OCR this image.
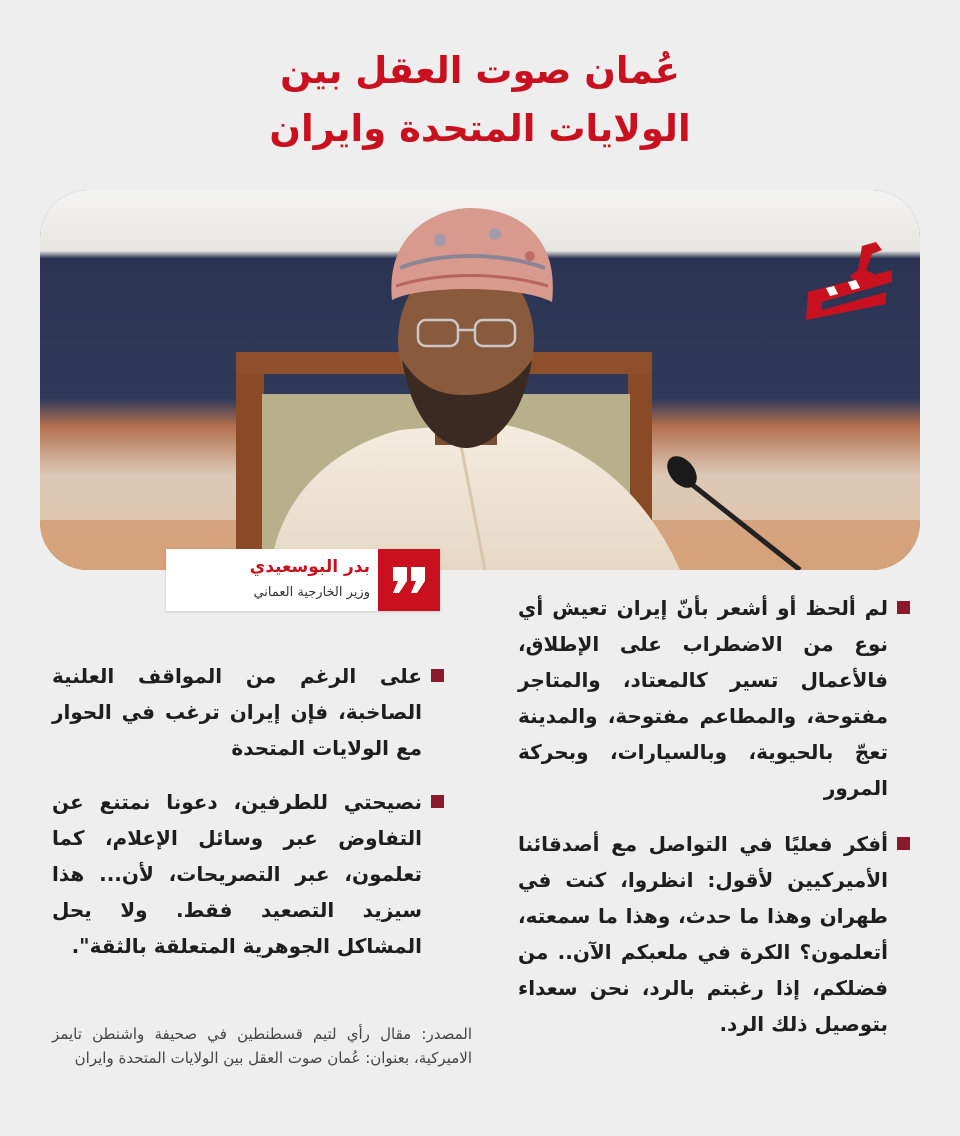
عُمان صوت العقل بين
الولايات المتحدة وايران
بدر البوسعيدي
وزير الخارجية العماني
لم ألحظ أو أشعر بأنّ إيران تعيش أي نوع من الاضطراب على الإطلاق، فالأعمال تسير كالمعتاد، والمتاجر مفتوحة، والمطاعم مفتوحة، والمدينة تعجّ بالحيوية، وبالسيارات، وبحركة المرور
أفكر فعليًا في التواصل مع أصدقائنا الأميركيين لأقول: انظروا، كنت في طهران وهذا ما حدث، وهذا ما سمعته، أتعلمون؟ الكرة في ملعبكم الآن.. من فضلكم، إذا رغبتم بالرد، نحن سعداء بتوصيل ذلك الرد.
على الرغم من المواقف العلنية الصاخبة، فإن إيران ترغب في الحوار مع الولايات المتحدة
نصيحتي للطرفين، دعونا نمتنع عن التفاوض عبر وسائل الإعلام، كما تعلمون، عبر التصريحات، لأن... هذا سيزيد التصعيد فقط. ولا يحل المشاكل الجوهرية المتعلقة بالثقة".
المصدر: مقال رأي لتيم قسطنطين في صحيفة واشنطن تايمز الاميركية، بعنوان: عُمان صوت العقل بين الولايات المتحدة وايران
